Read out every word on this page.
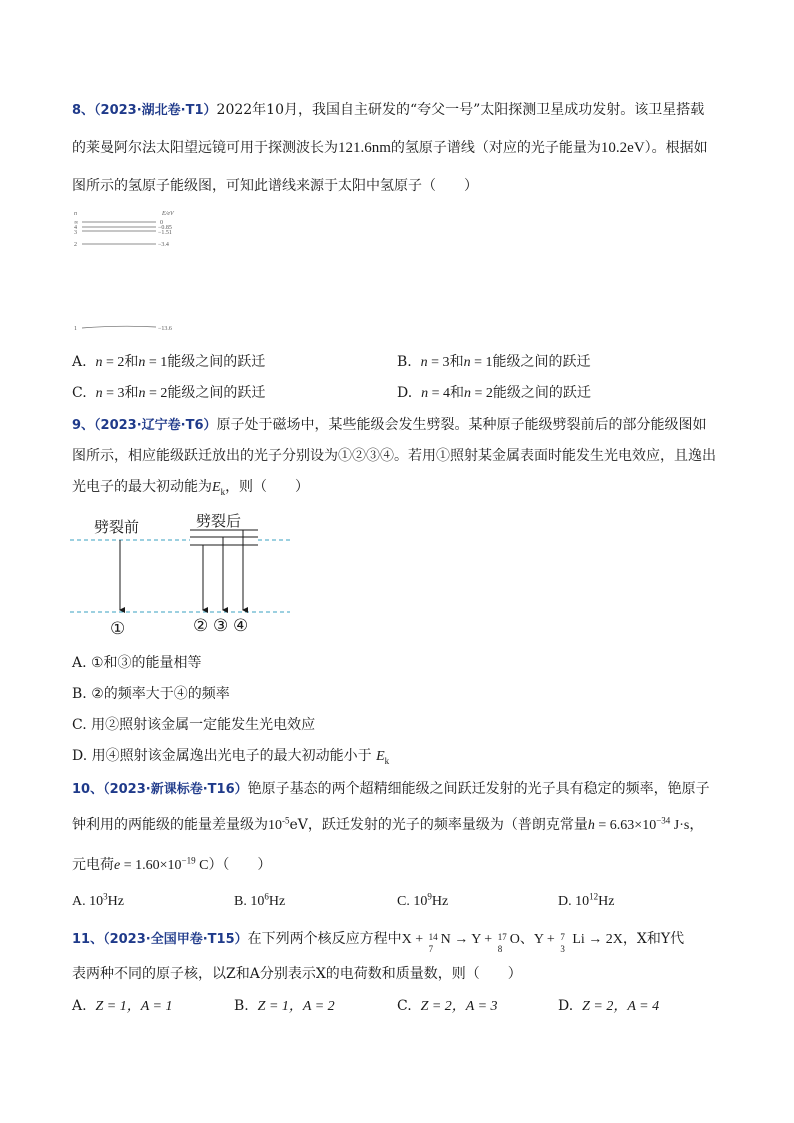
8、（2023·湖北卷·T1）2022年10月，我国自主研发的“夸父一号”太阳探测卫星成功发射。该卫星搭载
的莱曼阿尔法太阳望远镜可用于探测波长为121.6nm的氢原子谱线（对应的光子能量为10.2eV）。根据如
图所示的氢原子能级图，可知此谱线来源于太阳中氢原子（　　）
n	E/eV
∞
4
3
2
1
0
−0.85
−1.51
−3.4
−13.6
A. n = 2和n = 1能级之间的跃迁	B. n = 3和n = 1能级之间的跃迁
C. n = 3和n = 2能级之间的跃迁	D. n = 4和n = 2能级之间的跃迁
9、（2023·辽宁卷·T6）原子处于磁场中，某些能级会发生劈裂。某种原子能级劈裂前后的部分能级图如
图所示，相应能级跃迁放出的光子分别设为①②③④。若用①照射某金属表面时能发生光电效应，且逸出
光电子的最大初动能为$E_k$，则（　　）
劈裂前	劈裂后
①	② ③ ④
A. ①和③的能量相等
B. ②的频率大于④的频率
C. 用②照射该金属一定能发生光电效应
D. 用④照射该金属逸出光电子的最大初动能小于 $E_k$
10、（2023·新课标卷·T16）铯原子基态的两个超精细能级之间跃迁发射的光子具有稳定的频率，铯原子
钟利用的两能级的能量差量级为$10^{-5}eV$，跃迁发射的光子的频率量级为（普朗克常量$h = 6.63\times 10^{-34}$ J·s，
元电荷$e = 1.60\times 10^{-19}$ C）（　　）
A. $10^3Hz$	B. $10^6Hz$	C. $10^9Hz$	D. $10^{12}Hz$
11、（2023·全国甲卷·T15）在下列两个核反应方程中X + 14
7
N → Y + 17
8
O、Y + 7
3
Li → 2X，X和Y代
表两种不同的原子核，以Z和A分别表示X的电荷数和质量数，则（　　）
A. Z = 1，A = 1	B. Z = 1，A = 2	C. Z = 2，A = 3	D. Z = 2，A = 4
